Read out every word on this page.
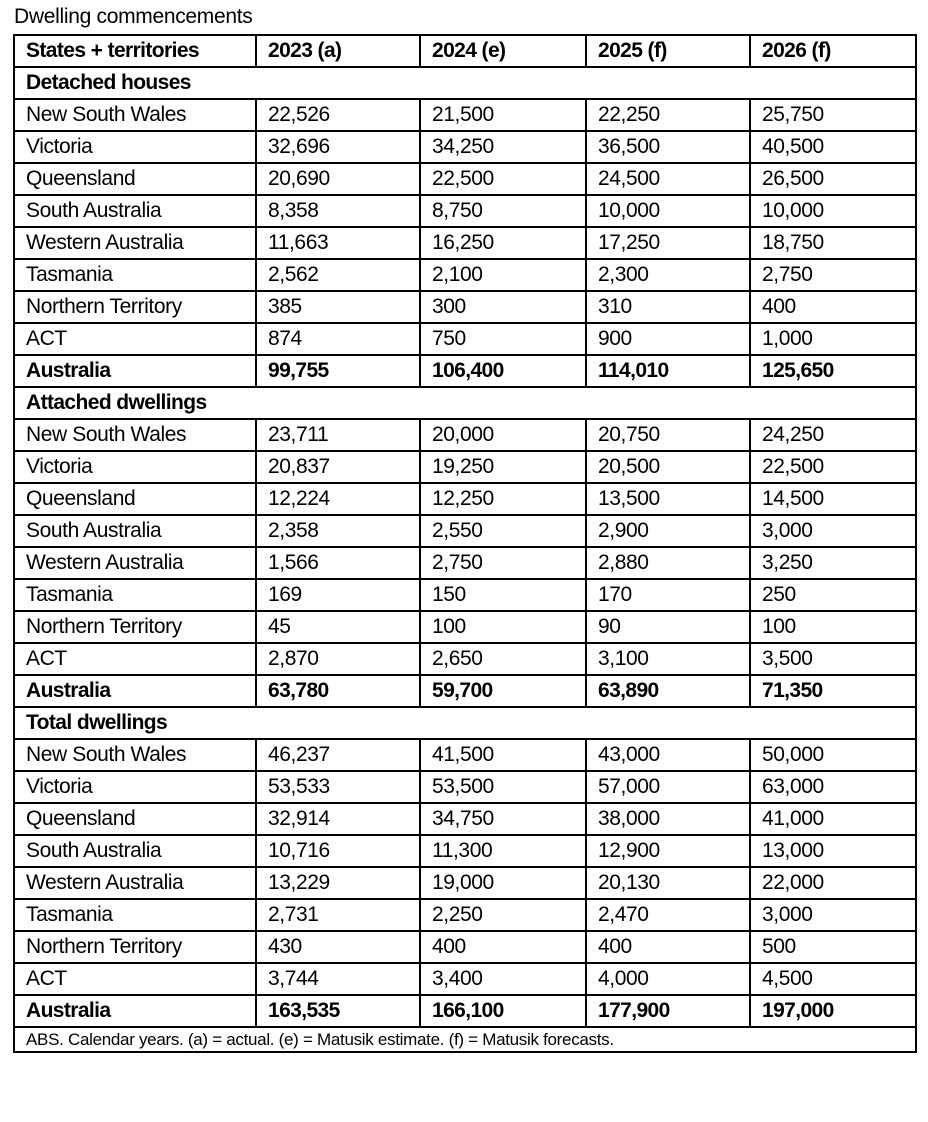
Dwelling commencements
States + territories	2023 (a)	2024 (e)	2025 (f)	2026 (f)
Detached houses				
New South Wales	22,526	21,500	22,250	25,750
Victoria	32,696	34,250	36,500	40,500
Queensland	20,690	22,500	24,500	26,500
South Australia	8,358	8,750	10,000	10,000
Western Australia	11,663	16,250	17,250	18,750
Tasmania	2,562	2,100	2,300	2,750
Northern Territory	385	300	310	400
ACT	874	750	900	1,000
Australia	99,755	106,400	114,010	125,650
Attached dwellings				
New South Wales	23,711	20,000	20,750	24,250
Victoria	20,837	19,250	20,500	22,500
Queensland	12,224	12,250	13,500	14,500
South Australia	2,358	2,550	2,900	3,000
Western Australia	1,566	2,750	2,880	3,250
Tasmania	169	150	170	250
Northern Territory	45	100	90	100
ACT	2,870	2,650	3,100	3,500
Australia	63,780	59,700	63,890	71,350
Total dwellings				
New South Wales	46,237	41,500	43,000	50,000
Victoria	53,533	53,500	57,000	63,000
Queensland	32,914	34,750	38,000	41,000
South Australia	10,716	11,300	12,900	13,000
Western Australia	13,229	19,000	20,130	22,000
Tasmania	2,731	2,250	2,470	3,000
Northern Territory	430	400	400	500
ACT	3,744	3,400	4,000	4,500
Australia	163,535	166,100	177,900	197,000
ABS. Calendar years. (a) = actual. (e) = Matusik estimate. (f) = Matusik forecasts.				
